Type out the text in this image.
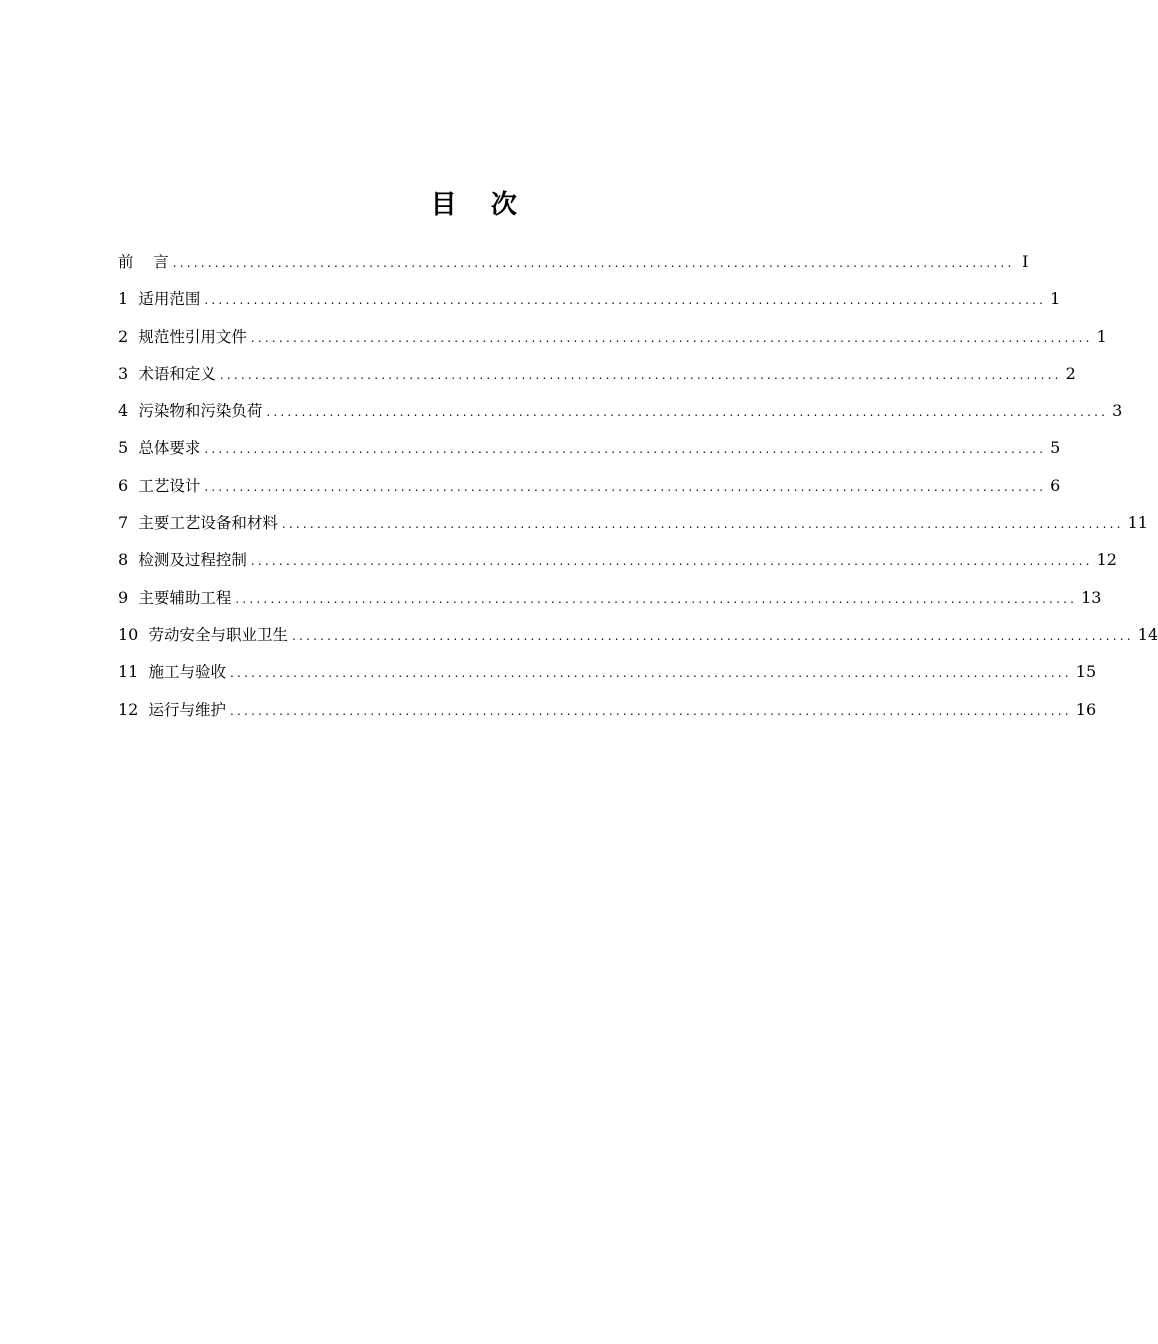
目 次
前    言 ........................................................................................................................ I
1 适用范围 ........................................................................................................................ 1
2 规范性引用文件 ........................................................................................................................ 1
3 术语和定义 ........................................................................................................................ 2
4 污染物和污染负荷 ........................................................................................................................ 3
5 总体要求 ........................................................................................................................ 5
6 工艺设计 ........................................................................................................................ 6
7 主要工艺设备和材料 ........................................................................................................................ 11
8 检测及过程控制 ........................................................................................................................ 12
9 主要辅助工程 ........................................................................................................................ 13
10 劳动安全与职业卫生 ........................................................................................................................ 14
11 施工与验收 ........................................................................................................................ 15
12 运行与维护 ........................................................................................................................ 16
